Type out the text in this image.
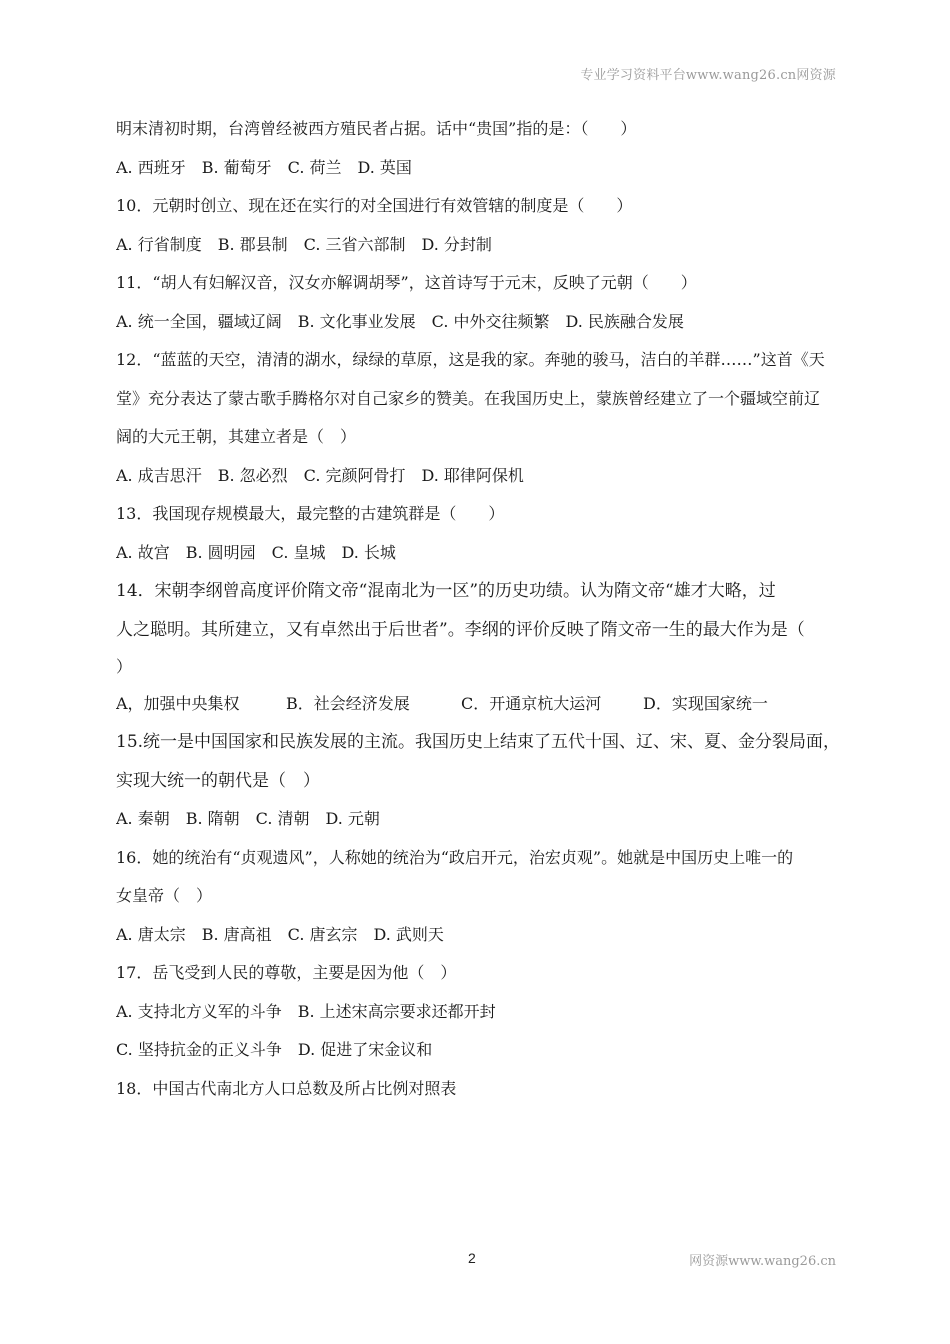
专业学习资料平台www.wang26.cn网资源
明末清初时期，台湾曾经被西方殖民者占据。话中“贵国”指的是：（　　）
A. 西班牙　B. 葡萄牙　C. 荷兰　D. 英国
10．元朝时创立、现在还在实行的对全国进行有效管辖的制度是（　　）
A. 行省制度　B. 郡县制　C. 三省六部制　D. 分封制
11．“胡人有妇解汉音，汉女亦解调胡琴”，这首诗写于元末，反映了元朝（　　）
A. 统一全国，疆域辽阔　B. 文化事业发展　C. 中外交往频繁　D. 民族融合发展
12．“蓝蓝的天空，清清的湖水，绿绿的草原，这是我的家。奔驰的骏马，洁白的羊群……”这首《天
堂》充分表达了蒙古歌手腾格尔对自己家乡的赞美。在我国历史上，蒙族曾经建立了一个疆域空前辽
阔的大元王朝，其建立者是（　）
A. 成吉思汗　B. 忽必烈　C. 完颜阿骨打　D. 耶律阿保机
13．我国现存规模最大，最完整的古建筑群是（　　）
A. 故宫　B. 圆明园　C. 皇城　D. 长城
14．宋朝李纲曾高度评价隋文帝“混南北为一区”的历史功绩。认为隋文帝“雄才大略，过
人之聪明。其所建立，又有卓然出于后世者”。李纲的评价反映了隋文帝一生的最大作为是（
）
A，加强中央集权	B．社会经济发展	C．开通京杭大运河	D．实现国家统一
15.统一是中国国家和民族发展的主流。我国历史上结束了五代十国、辽、宋、夏、金分裂局面，
实现大统一的朝代是（　）
A. 秦朝　B. 隋朝　C. 清朝　D. 元朝
16．她的统治有“贞观遗风”，人称她的统治为“政启开元，治宏贞观”。她就是中国历史上唯一的
女皇帝（　）
A. 唐太宗　B. 唐高祖　C. 唐玄宗　D. 武则天
17．岳飞受到人民的尊敬，主要是因为他（　）
A. 支持北方义军的斗争　B. 上述宋高宗要求还都开封
C. 坚持抗金的正义斗争　D. 促进了宋金议和
18．中国古代南北方人口总数及所占比例对照表
2	网资源www.wang26.cn
